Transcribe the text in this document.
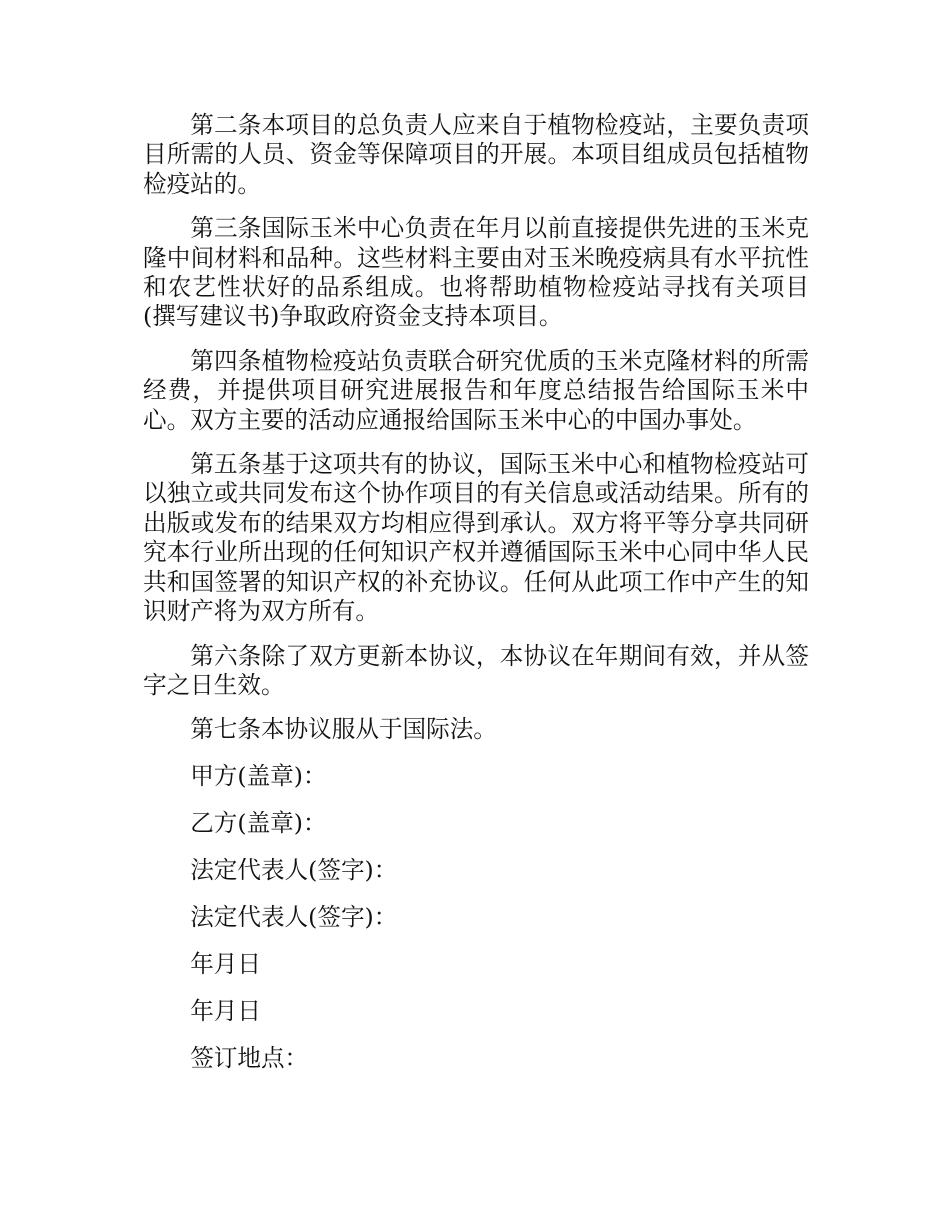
第二条本项目的总负责人应来自于植物检疫站，主要负责项目所需的人员、资金等保障项目的开展。本项目组成员包括植物检疫站的。

第三条国际玉米中心负责在年月以前直接提供先进的玉米克隆中间材料和品种。这些材料主要由对玉米晚疫病具有水平抗性和农艺性状好的品系组成。也将帮助植物检疫站寻找有关项目(撰写建议书)争取政府资金支持本项目。

第四条植物检疫站负责联合研究优质的玉米克隆材料的所需经费，并提供项目研究进展报告和年度总结报告给国际玉米中心。双方主要的活动应通报给国际玉米中心的中国办事处。

第五条基于这项共有的协议，国际玉米中心和植物检疫站可以独立或共同发布这个协作项目的有关信息或活动结果。所有的出版或发布的结果双方均相应得到承认。双方将平等分享共同研究本行业所出现的任何知识产权并遵循国际玉米中心同中华人民共和国签署的知识产权的补充协议。任何从此项工作中产生的知识财产将为双方所有。

第六条除了双方更新本协议，本协议在年期间有效，并从签字之日生效。

第七条本协议服从于国际法。

甲方(盖章)：

乙方(盖章)：

法定代表人(签字)：

法定代表人(签字)：

年月日

年月日

签订地点：
